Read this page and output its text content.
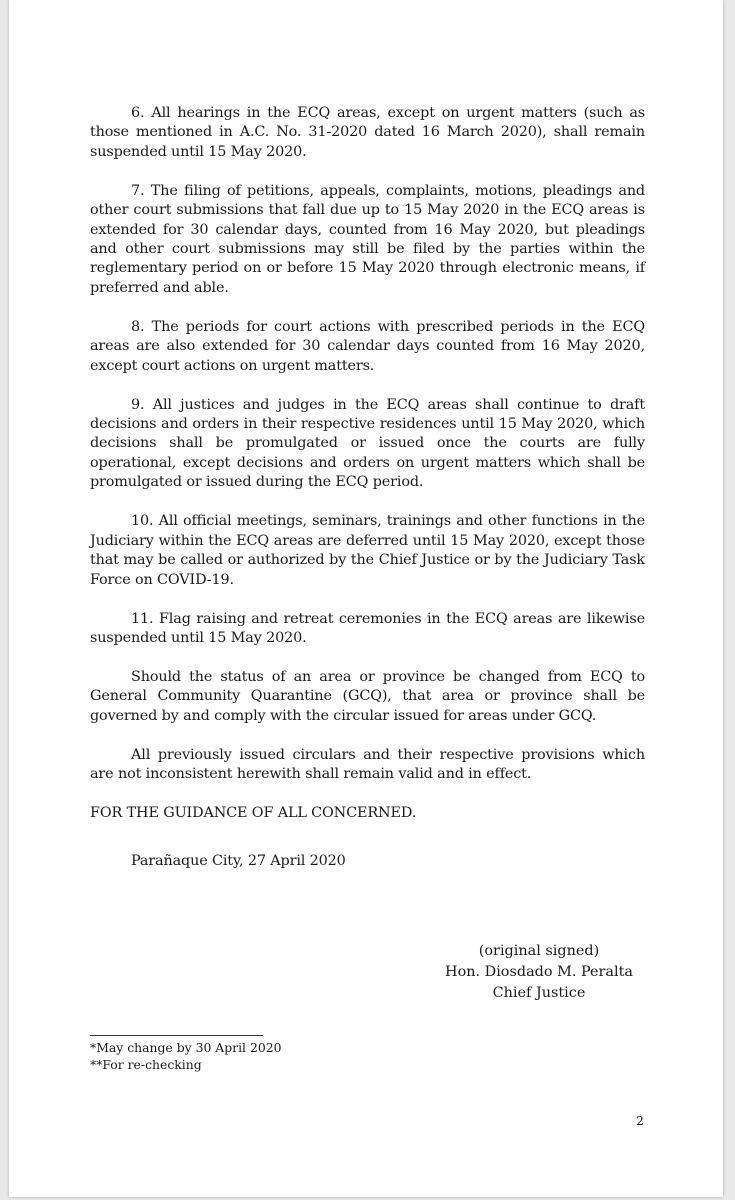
6. All hearings in the ECQ areas, except on urgent matters (such as those mentioned in A.C. No. 31-2020 dated 16 March 2020), shall remain suspended until 15 May 2020.

7. The filing of petitions, appeals, complaints, motions, pleadings and other court submissions that fall due up to 15 May 2020 in the ECQ areas is extended for 30 calendar days, counted from 16 May 2020, but pleadings and other court submissions may still be filed by the parties within the reglementary period on or before 15 May 2020 through electronic means, if preferred and able.

8. The periods for court actions with prescribed periods in the ECQ areas are also extended for 30 calendar days counted from 16 May 2020, except court actions on urgent matters.

9. All justices and judges in the ECQ areas shall continue to draft decisions and orders in their respective residences until 15 May 2020, which decisions shall be promulgated or issued once the courts are fully operational, except decisions and orders on urgent matters which shall be promulgated or issued during the ECQ period.

10. All official meetings, seminars, trainings and other functions in the Judiciary within the ECQ areas are deferred until 15 May 2020, except those that may be called or authorized by the Chief Justice or by the Judiciary Task Force on COVID-19.

11. Flag raising and retreat ceremonies in the ECQ areas are likewise suspended until 15 May 2020.

Should the status of an area or province be changed from ECQ to General Community Quarantine (GCQ), that area or province shall be governed by and comply with the circular issued for areas under GCQ.

All previously issued circulars and their respective provisions which are not inconsistent herewith shall remain valid and in effect.

FOR THE GUIDANCE OF ALL CONCERNED.

Parañaque City, 27 April 2020

(original signed)
Hon. Diosdado M. Peralta
Chief Justice
*May change by 30 April 2020
**For re-checking
2
